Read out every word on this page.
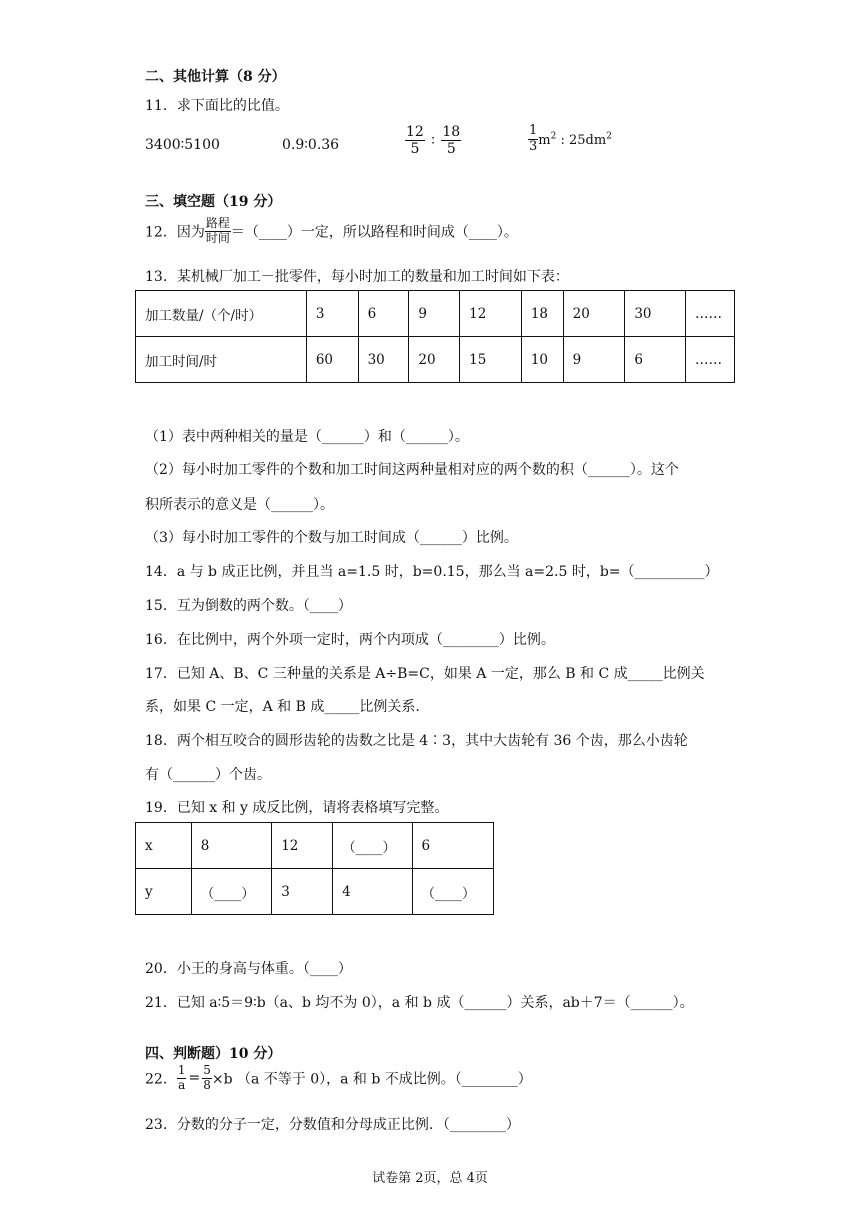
二、其他计算（8 分）
11．求下面比的比值。
3400∶5100	0.9∶0.36	$\frac{12}{5}$ ∶ $\frac{18}{5}$	$\frac{1}{3} m^2$ : $25dm^2$
三、填空题（19 分）
12．因为 $\frac{\text{路程}}{\text{时间}}$ ＝（____）一定，所以路程和时间成（____）。
13．某机械厂加工－批零件，每小时加工的数量和加工时间如下表：
加工数量/（个/时）	3	6	9	12	18	20	30	……
加工时间/时	60	30	20	15	10	9	6	……
（1）表中两种相关的量是（______）和（______）。
（2）每小时加工零件的个数和加工时间这两种量相对应的两个数的积（______）。这个
积所表示的意义是（______）。
（3）每小时加工零件的个数与加工时间成（______）比例。
14．a 与 b 成正比例，并且当 a=1.5 时，b=0.15，那么当 a=2.5 时，b=（__________）
15．互为倒数的两个数。（____）
16．在比例中，两个外项一定时，两个内项成（________）比例。
17．已知 A、B、C 三种量的关系是 A÷B=C，如果 A 一定，那么 B 和 C 成_____比例关
系，如果 C 一定，A 和 B 成_____比例关系.
18．两个相互咬合的圆形齿轮的齿数之比是 4∶3，其中大齿轮有 36 个齿，那么小齿轮
有（______）个齿。
19．已知 x 和 y 成反比例，请将表格填写完整。
x	8	12	（____）	6
y	（____）	3	4	（____）
20．小王的身高与体重。（____）
21．已知 a∶5＝9∶b（a、b 均不为 0），a 和 b 成（______）关系，ab＋7＝（______）。
四、判断题）10 分）
22． $\frac{1}{a} = \frac{5}{8} \times b$ （a 不等于 0），a 和 b 不成比例。（________）
23．分数的分子一定，分数值和分母成正比例．（________）
试卷第 2页，总 4页
